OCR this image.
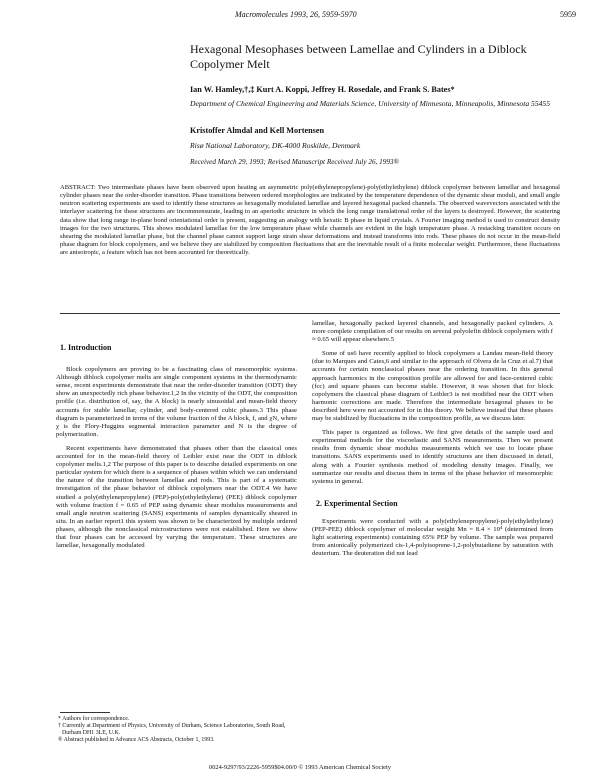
Macromolecules 1993, 26, 5959-5970	5959
Hexagonal Mesophases between Lamellae and Cylinders in a Diblock Copolymer Melt
Ian W. Hamley,†,‡ Kurt A. Koppi, Jeffrey H. Rosedale, and Frank S. Bates*
Department of Chemical Engineering and Materials Science, University of Minnesota, Minneapolis, Minnesota 55455
Kristoffer Almdal and Kell Mortensen
Risø National Laboratory, DK-4000 Roskilde, Denmark
Received March 29, 1993; Revised Manuscript Received July 26, 1993®
ABSTRACT: Two intermediate phases have been observed upon heating an asymmetric poly(ethylenepropylene)-poly(ethylethylene) diblock copolymer between lamellar and hexagonal cylinder phases near the order-disorder transition. Phase transitions between ordered morphologies are indicated by the temperature dependence of the dynamic shear moduli, and small angle neutron scattering experiments are used to identify these structures as hexagonally modulated lamellae and layered hexagonal packed channels. The observed wavevectors associated with the interlayer scattering for these structures are incommensurate, leading to an aperiodic structure in which the long range translational order of the layers is destroyed. However, the scattering data show that long range in-plane bond orientational order is present, suggesting an analogy with hexatic B phase in liquid crystals. A Fourier imaging method is used to construct density images for the two structures. This shows modulated lamellae for the low temperature phase while channels are evident in the high temperature phase. A restacking transition occurs on shearing the modulated lamellar phase, but the channel phase cannot support large strain shear deformations and instead transforms into rods. These phases do not occur in the mean-field phase diagram for block copolymers, and we believe they are stabilized by composition fluctuations that are the inevitable result of a finite molecular weight. Furthermore, these fluctuations are anisotropic, a feature which has not been accounted for theoretically.
1. Introduction

Block copolymers are proving to be a fascinating class of mesomorphic systems. Although diblock copolymer melts are single component systems in the thermodynamic sense, recent experiments demonstrate that near the order-disorder transition (ODT) they show an unexpectedly rich phase behavior.1,2 In the vicinity of the ODT, the composition profile (i.e. distribution of, say, the A block) is nearly sinusoidal and mean-field theory accounts for stable lamellar, cylinder, and body-centered cubic phases.3 This phase diagram is parameterized in terms of the volume fraction of the A block, f, and χN, where χ is the Flory-Huggins segmental interaction parameter and N is the degree of polymerization.

Recent experiments have demonstrated that phases other than the classical ones accounted for in the mean-field theory of Leibler exist near the ODT in diblock copolymer melts.1,2 The purpose of this paper is to describe detailed experiments on one particular system for which there is a sequence of phases within which we can understand the nature of the transition between lamellae and rods. This is part of a systematic investigation of the phase behavior of diblock copolymers near the ODT.4 We have studied a poly(ethylenepropylene) (PEP)-poly(ethylethylene) (PEE) diblock copolymer with volume fraction f = 0.65 of PEP using dynamic shear modulus measurements and small angle neutron scattering (SANS) experiments of samples dynamically sheared in situ. In an earlier report1 this system was shown to be characterized by multiple ordered phases, although the nonclassical microstructures were not established. Here we show that four phases can be accessed by varying the temperature. These structures are lamellae, hexagonally modulated

lamellae, hexagonally packed layered channels, and hexagonally packed cylinders. A more complete compilation of our results on several polyolefin diblock copolymers with f ≈ 0.65 will appear elsewhere.5

Some of us6 have recently applied to block copolymers a Landau mean-field theory (due to Marques and Cates,6 and similar to the approach of Olvera de la Cruz et al.7) that accounts for certain nonclassical phases near the ordering transition. In this general approach harmonics in the composition profile are allowed for and face-centered cubic (fcc) and square phases can become stable. However, it was shown that for block copolymers the classical phase diagram of Leibler3 is not modified near the ODT when harmonic corrections are made. Therefore the intermediate hexagonal phases to be described here were not accounted for in this theory. We believe instead that these phases may be stabilized by fluctuations in the composition profile, as we discuss later.

This paper is organized as follows. We first give details of the sample used and experimental methods for the viscoelastic and SANS measurements. Then we present results from dynamic shear modulus measurements which we use to locate phase transitions. SANS experiments used to identify structures are then discussed in detail, along with a Fourier synthesis method of modeling density images. Finally, we summarize our results and discuss them in terms of the phase behavior of mesomorphic systems in general.

2. Experimental Section

Experiments were conducted with a poly(ethylenepropylene)-poly(ethylethylene) (PEP-PEE) diblock copolymer of molecular weight Mn = 8.4 × 10⁴ (determined from light scattering experiments) containing 65% PEP by volume. The sample was prepared from anionically polymerized cis-1,4-polyisoprene-1,2-polybutadiene by saturation with deuterium. The deuteration did not lead

* Authors for correspondence.
† Currently at Department of Physics, University of Durham, Science Laboratories, South Road, Durham DH1 3LE, U.K.
® Abstract published in Advance ACS Abstracts, October 1, 1993.
0024-9297/93/2226-5959$04.00/0 © 1993 American Chemical Society
